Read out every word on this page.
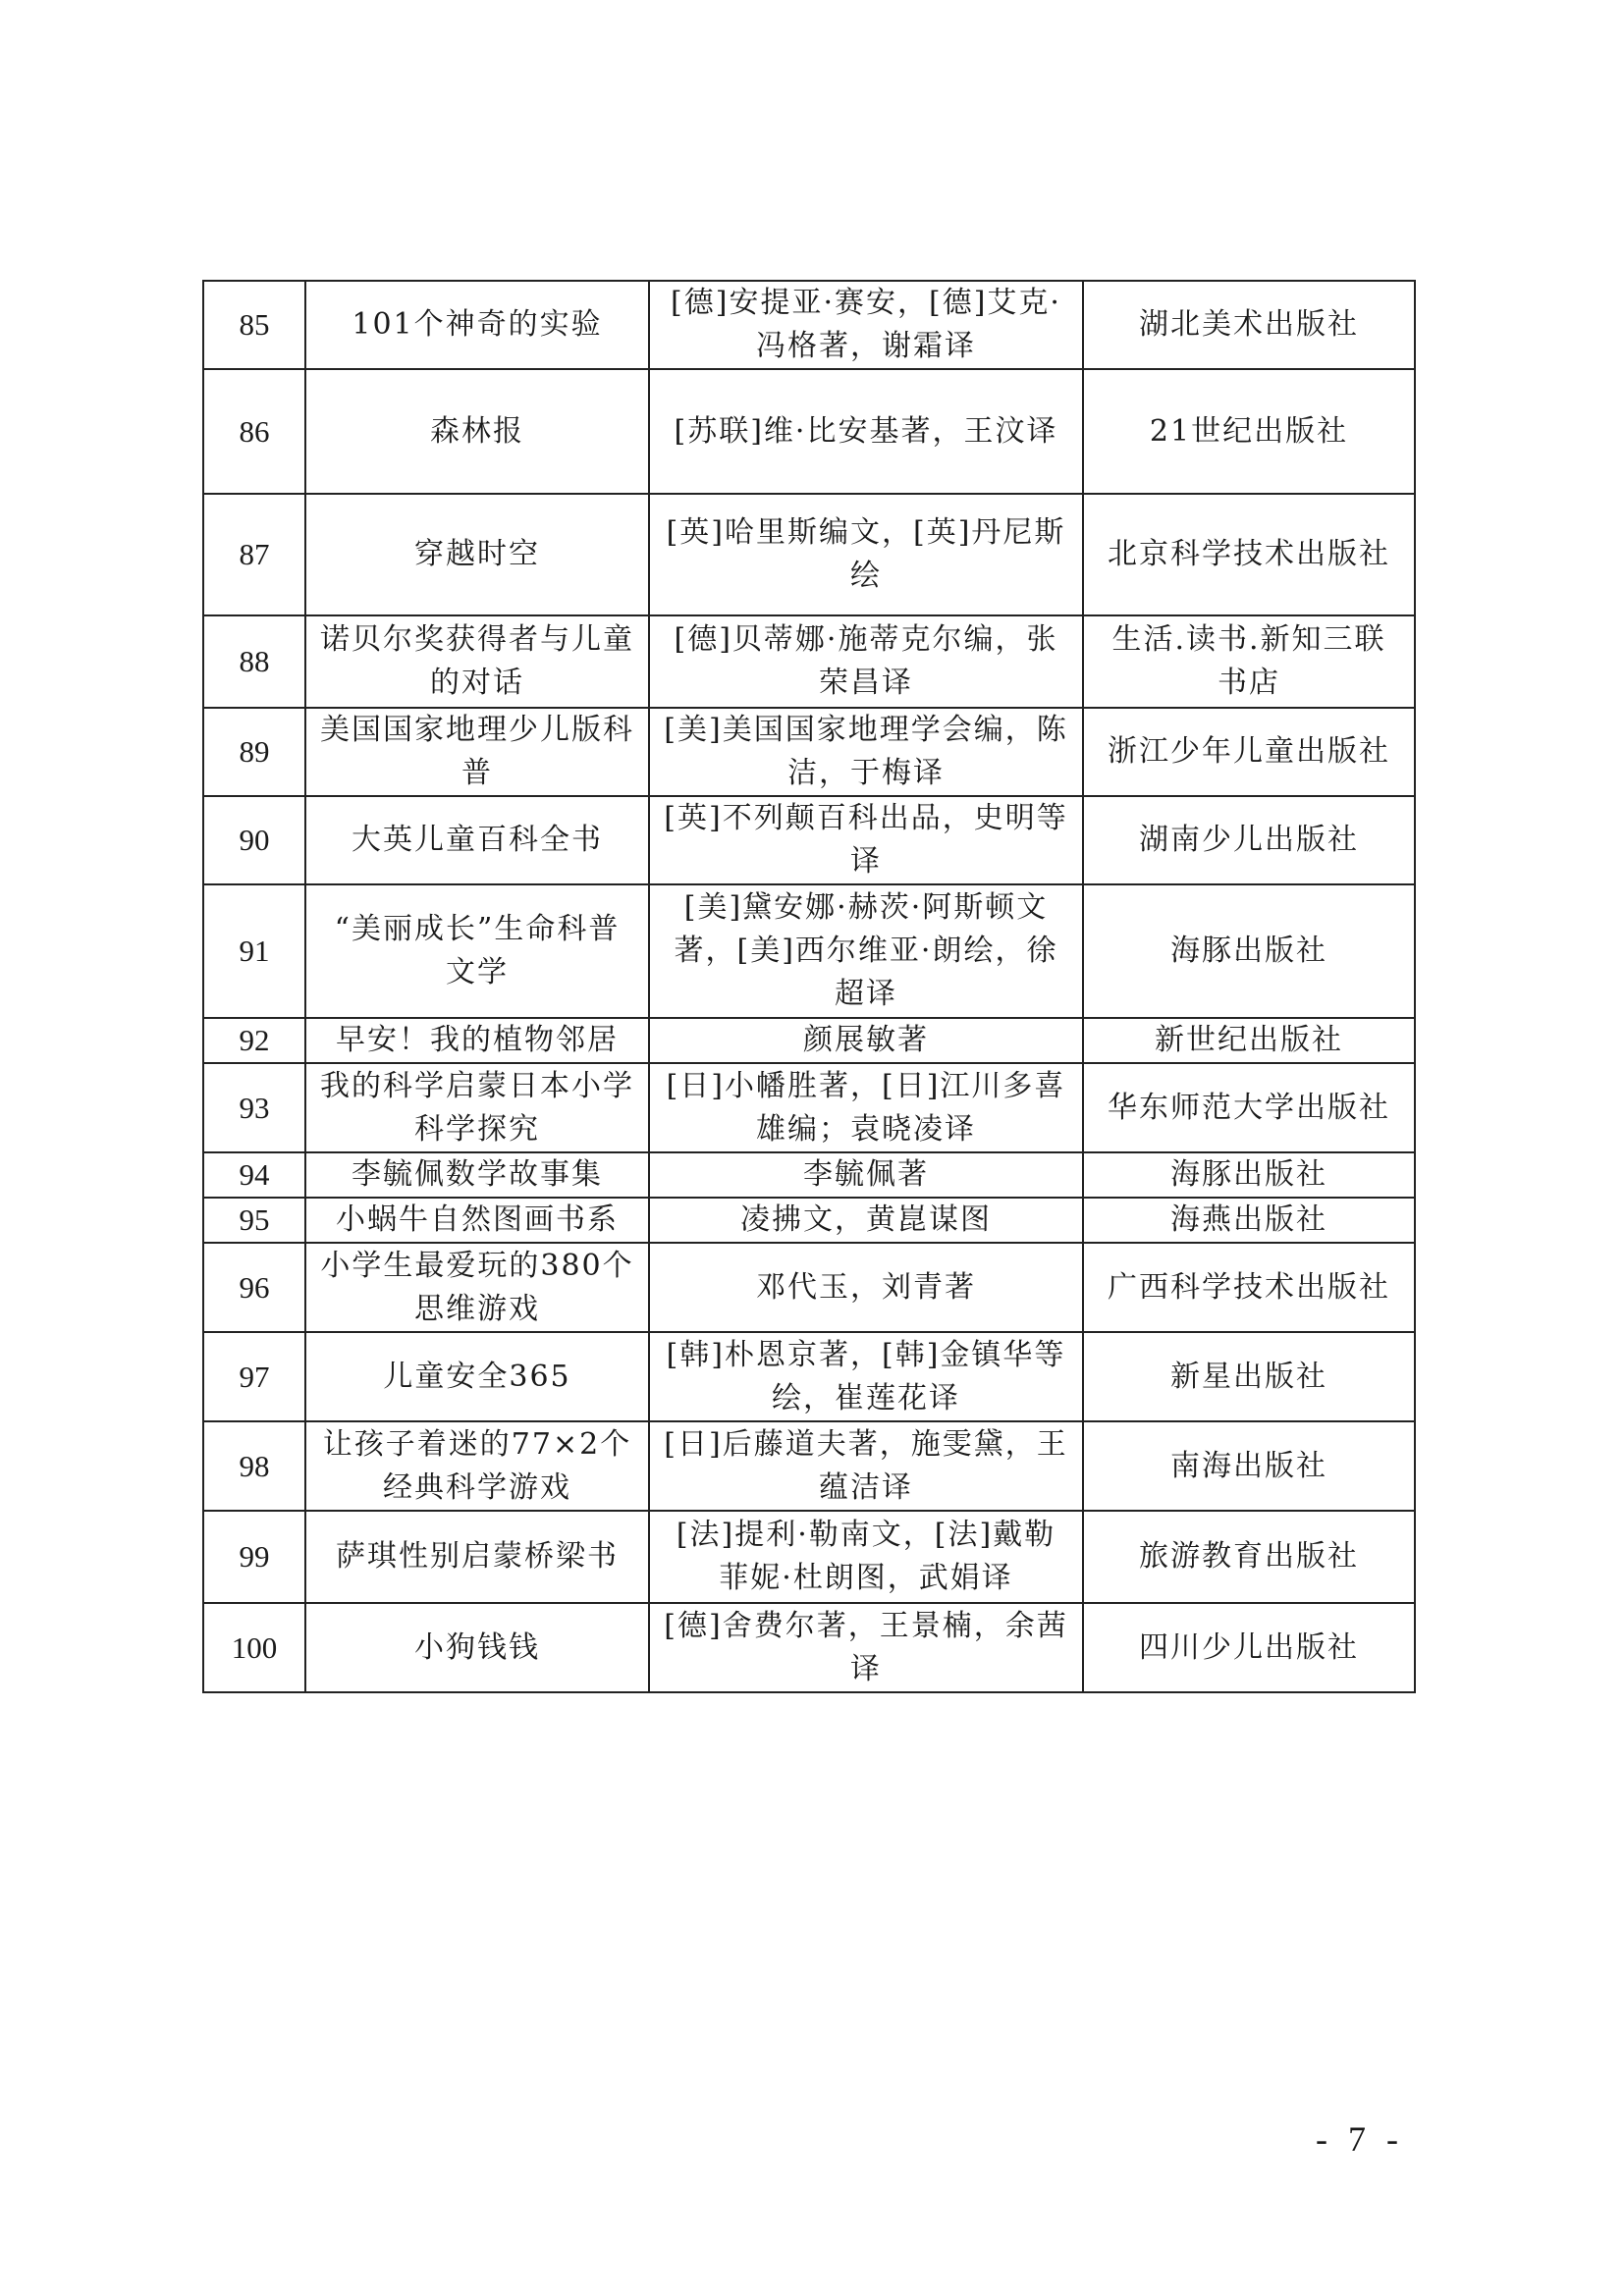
85	101个神奇的实验	[德]安提亚·赛安，[德]艾克·冯格著，谢霜译	湖北美术出版社
86	森林报	[苏联]维·比安基著，王汶译	21世纪出版社
87	穿越时空	[英]哈里斯编文，[英]丹尼斯绘	北京科学技术出版社
88	诺贝尔奖获得者与儿童的对话	[德]贝蒂娜·施蒂克尔编，张荣昌译	生活.读书.新知三联书店
89	美国国家地理少儿版科普	[美]美国国家地理学会编，陈洁，于梅译	浙江少年儿童出版社
90	大英儿童百科全书	[英]不列颠百科出品，史明等译	湖南少儿出版社
91	“美丽成长”生命科普文学	[美]黛安娜·赫茨·阿斯顿文著，[美]西尔维亚·朗绘，徐超译	海豚出版社
92	早安！我的植物邻居	颜展敏著	新世纪出版社
93	我的科学启蒙日本小学科学探究	[日]小幡胜著，[日]江川多喜雄编；袁晓凌译	华东师范大学出版社
94	李毓佩数学故事集	李毓佩著	海豚出版社
95	小蜗牛自然图画书系	凌拂文，黄崑谋图	海燕出版社
96	小学生最爱玩的380个思维游戏	邓代玉，刘青著	广西科学技术出版社
97	儿童安全365	[韩]朴恩京著，[韩]金镇华等绘，崔莲花译	新星出版社
98	让孩子着迷的77×2个经典科学游戏	[日]后藤道夫著，施雯黛，王蕴洁译	南海出版社
99	萨琪性别启蒙桥梁书	[法]提利·勒南文，[法]戴勒菲妮·杜朗图，武娟译	旅游教育出版社
100	小狗钱钱	[德]舍费尔著，王景楠，余茜译	四川少儿出版社
- 7 -
